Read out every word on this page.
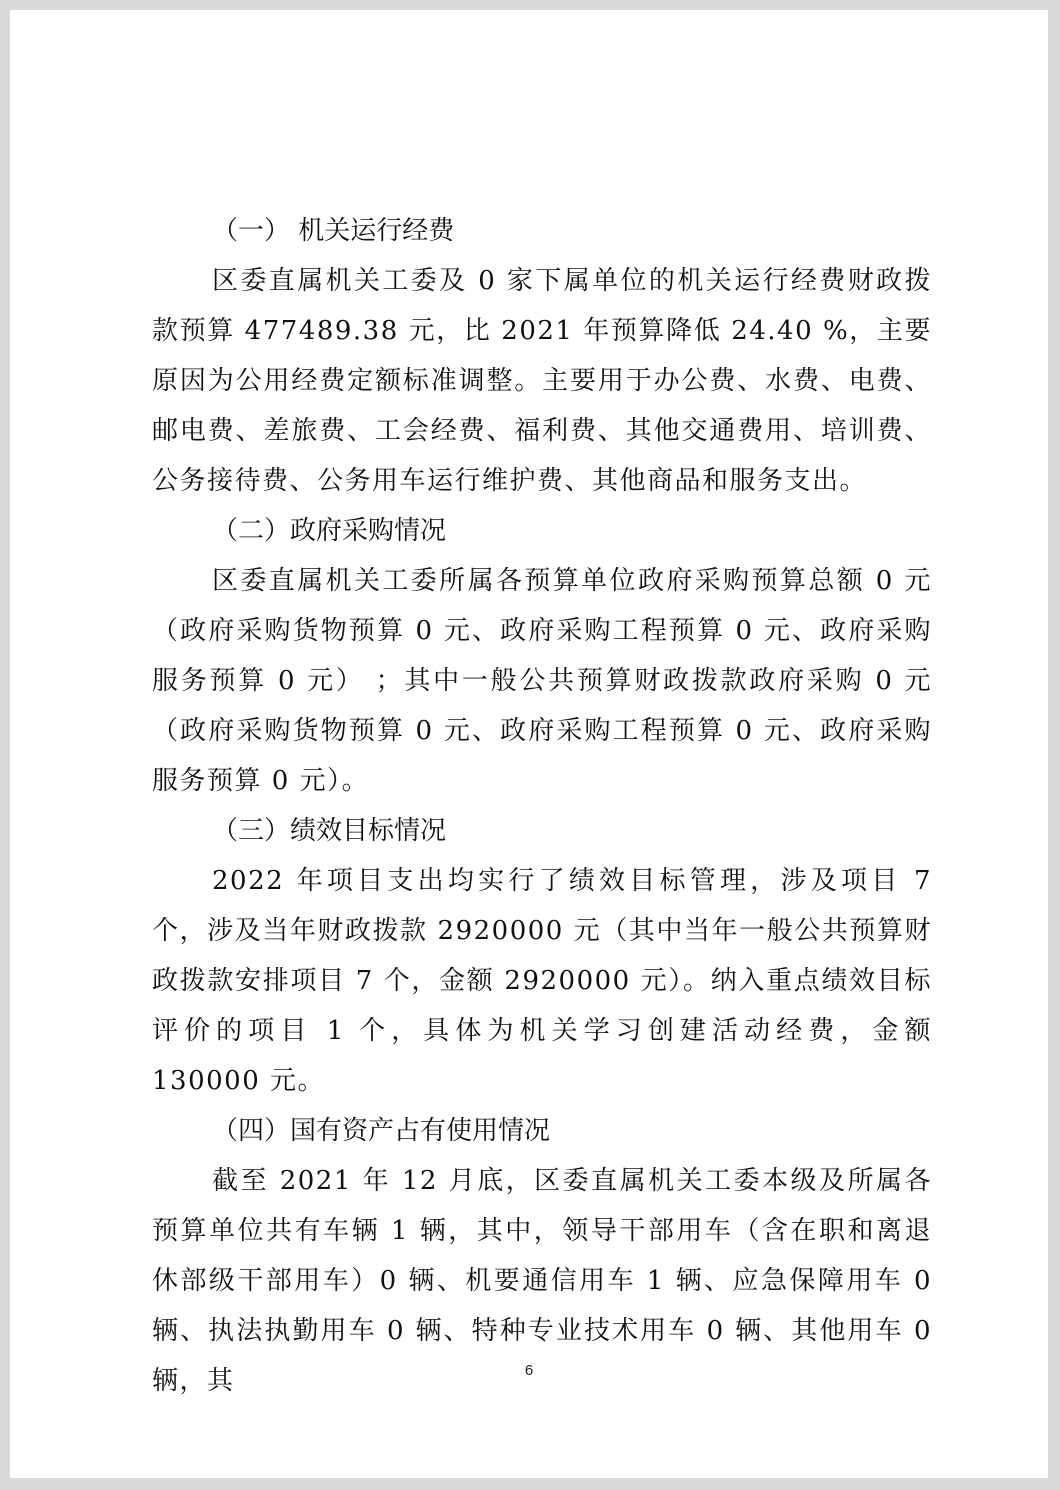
（一） 机关运行经费

区委直属机关工委及 0 家下属单位的机关运行经费财政拨款预算 477489.38 元，比 2021 年预算降低 24.40 %，主要原因为公用经费定额标准调整。主要用于办公费、水费、电费、邮电费、差旅费、工会经费、福利费、其他交通费用、培训费、公务接待费、公务用车运行维护费、其他商品和服务支出。

（二）政府采购情况

区委直属机关工委所属各预算单位政府采购预算总额 0 元（政府采购货物预算 0 元、政府采购工程预算 0 元、政府采购服务预算 0 元） ；其中一般公共预算财政拨款政府采购 0 元（政府采购货物预算 0 元、政府采购工程预算 0 元、政府采购服务预算 0 元）。

（三）绩效目标情况

2022 年项目支出均实行了绩效目标管理，涉及项目 7 个，涉及当年财政拨款 2920000 元（其中当年一般公共预算财政拨款安排项目 7 个，金额 2920000 元）。纳入重点绩效目标评价的项目 1 个，具体为机关学习创建活动经费，金额 130000 元。

（四）国有资产占有使用情况

截至 2021 年 12 月底，区委直属机关工委本级及所属各预算单位共有车辆 1 辆，其中，领导干部用车（含在职和离退休部级干部用车）0 辆、机要通信用车 1 辆、应急保障用车 0 辆、执法执勤用车 0 辆、特种专业技术用车 0 辆、其他用车 0 辆，其	6
